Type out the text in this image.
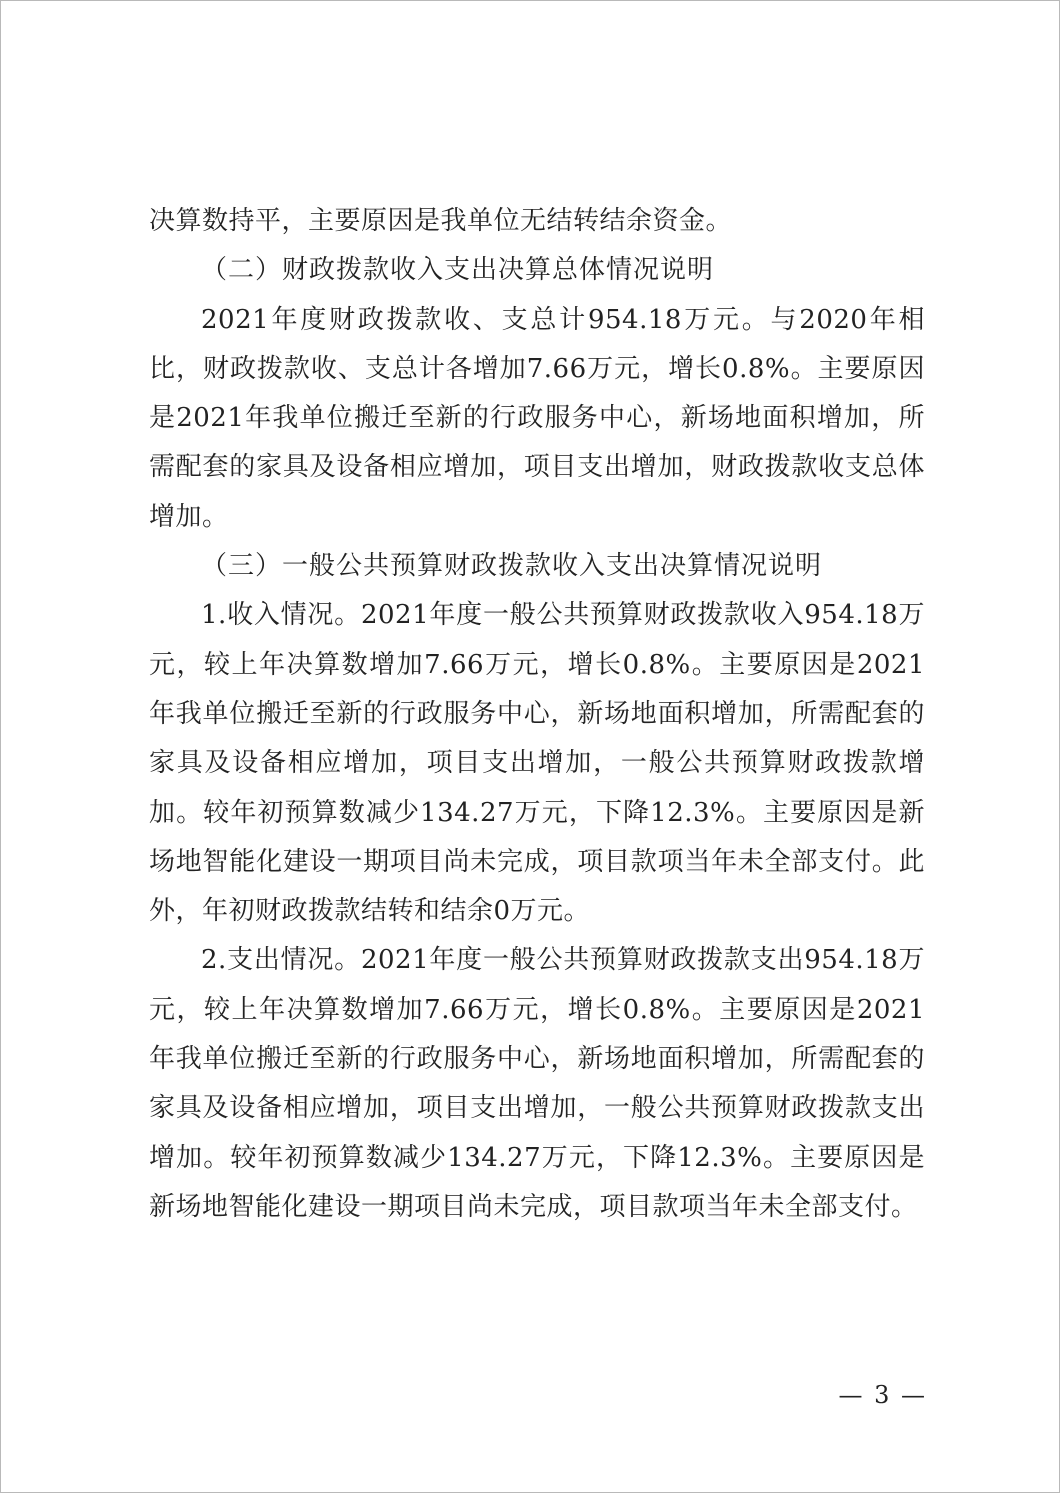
决算数持平，主要原因是我单位无结转结余资金。

（二）财政拨款收入支出决算总体情况说明

2021年度财政拨款收、支总计954.18万元。与2020年相比，财政拨款收、支总计各增加7.66万元，增长0.8%。主要原因是2021年我单位搬迁至新的行政服务中心，新场地面积增加，所需配套的家具及设备相应增加，项目支出增加，财政拨款收支总体增加。

（三）一般公共预算财政拨款收入支出决算情况说明

1.收入情况。2021年度一般公共预算财政拨款收入954.18万元，较上年决算数增加7.66万元，增长0.8%。主要原因是2021年我单位搬迁至新的行政服务中心，新场地面积增加，所需配套的家具及设备相应增加，项目支出增加，一般公共预算财政拨款增加。较年初预算数减少134.27万元，下降12.3%。主要原因是新场地智能化建设一期项目尚未完成，项目款项当年未全部支付。此外，年初财政拨款结转和结余0万元。

2.支出情况。2021年度一般公共预算财政拨款支出954.18万元，较上年决算数增加7.66万元，增长0.8%。主要原因是2021年我单位搬迁至新的行政服务中心，新场地面积增加，所需配套的家具及设备相应增加，项目支出增加，一般公共预算财政拨款支出增加。较年初预算数减少134.27万元，下降12.3%。主要原因是新场地智能化建设一期项目尚未完成，项目款项当年未全部支付。

— 3 —
